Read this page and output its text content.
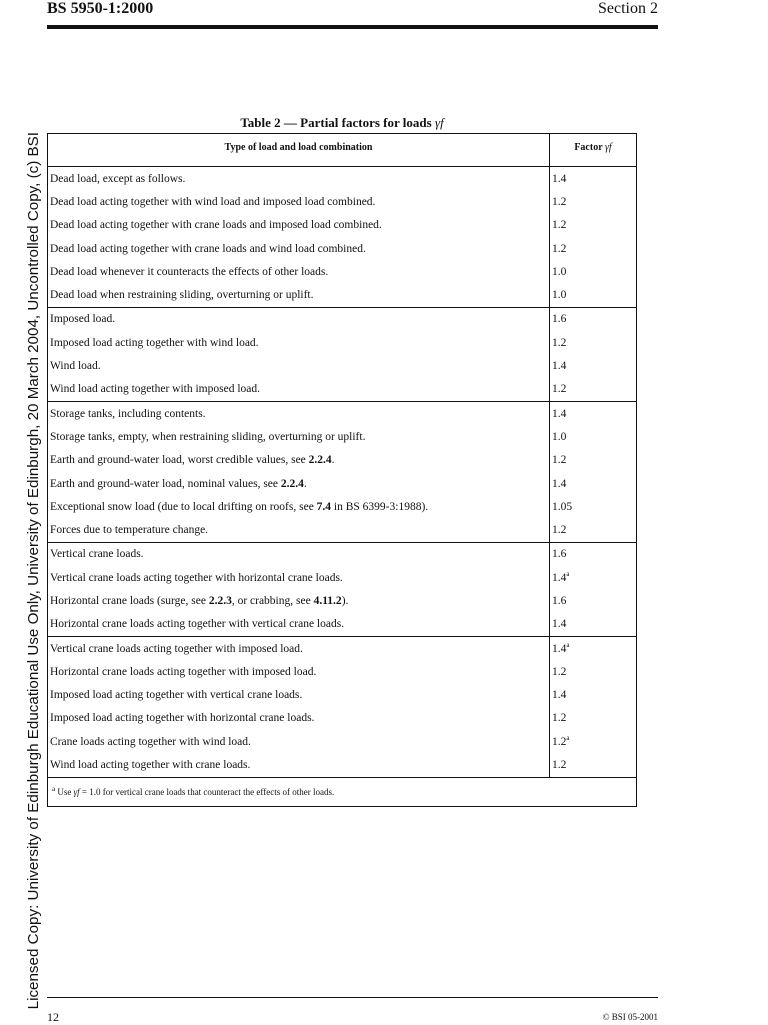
BS 5950-1:2000	Section 2
Licensed Copy: University of Edinburgh Educational Use Only, University of Edinburgh, 20 March 2004, Uncontrolled Copy, (c) BSI
Table 2 — Partial factors for loads γf
Type of load and load combination	Factor γf
Dead load, except as follows.	1.4
Dead load acting together with wind load and imposed load combined.	1.2
Dead load acting together with crane loads and imposed load combined.	1.2
Dead load acting together with crane loads and wind load combined.	1.2
Dead load whenever it counteracts the effects of other loads.	1.0
Dead load when restraining sliding, overturning or uplift.	1.0
Imposed load.	1.6
Imposed load acting together with wind load.	1.2
Wind load.	1.4
Wind load acting together with imposed load.	1.2
Storage tanks, including contents.	1.4
Storage tanks, empty, when restraining sliding, overturning or uplift.	1.0
Earth and ground-water load, worst credible values, see 2.2.4.	1.2
Earth and ground-water load, nominal values, see 2.2.4.	1.4
Exceptional snow load (due to local drifting on roofs, see 7.4 in BS 6399-3:1988).	1.05
Forces due to temperature change.	1.2
Vertical crane loads.	1.6
Vertical crane loads acting together with horizontal crane loads.	1.4$^a$
Horizontal crane loads (surge, see 2.2.3, or crabbing, see 4.11.2).	1.6
Horizontal crane loads acting together with vertical crane loads.	1.4
Vertical crane loads acting together with imposed load.	1.4$^a$
Horizontal crane loads acting together with imposed load.	1.2
Imposed load acting together with vertical crane loads.	1.4
Imposed load acting together with horizontal crane loads.	1.2
Crane loads acting together with wind load.	1.2$^a$
Wind load acting together with crane loads.	1.2
$^a$ Use γf = 1.0 for vertical crane loads that counteract the effects of other loads.	
12	© BSI 05-2001
